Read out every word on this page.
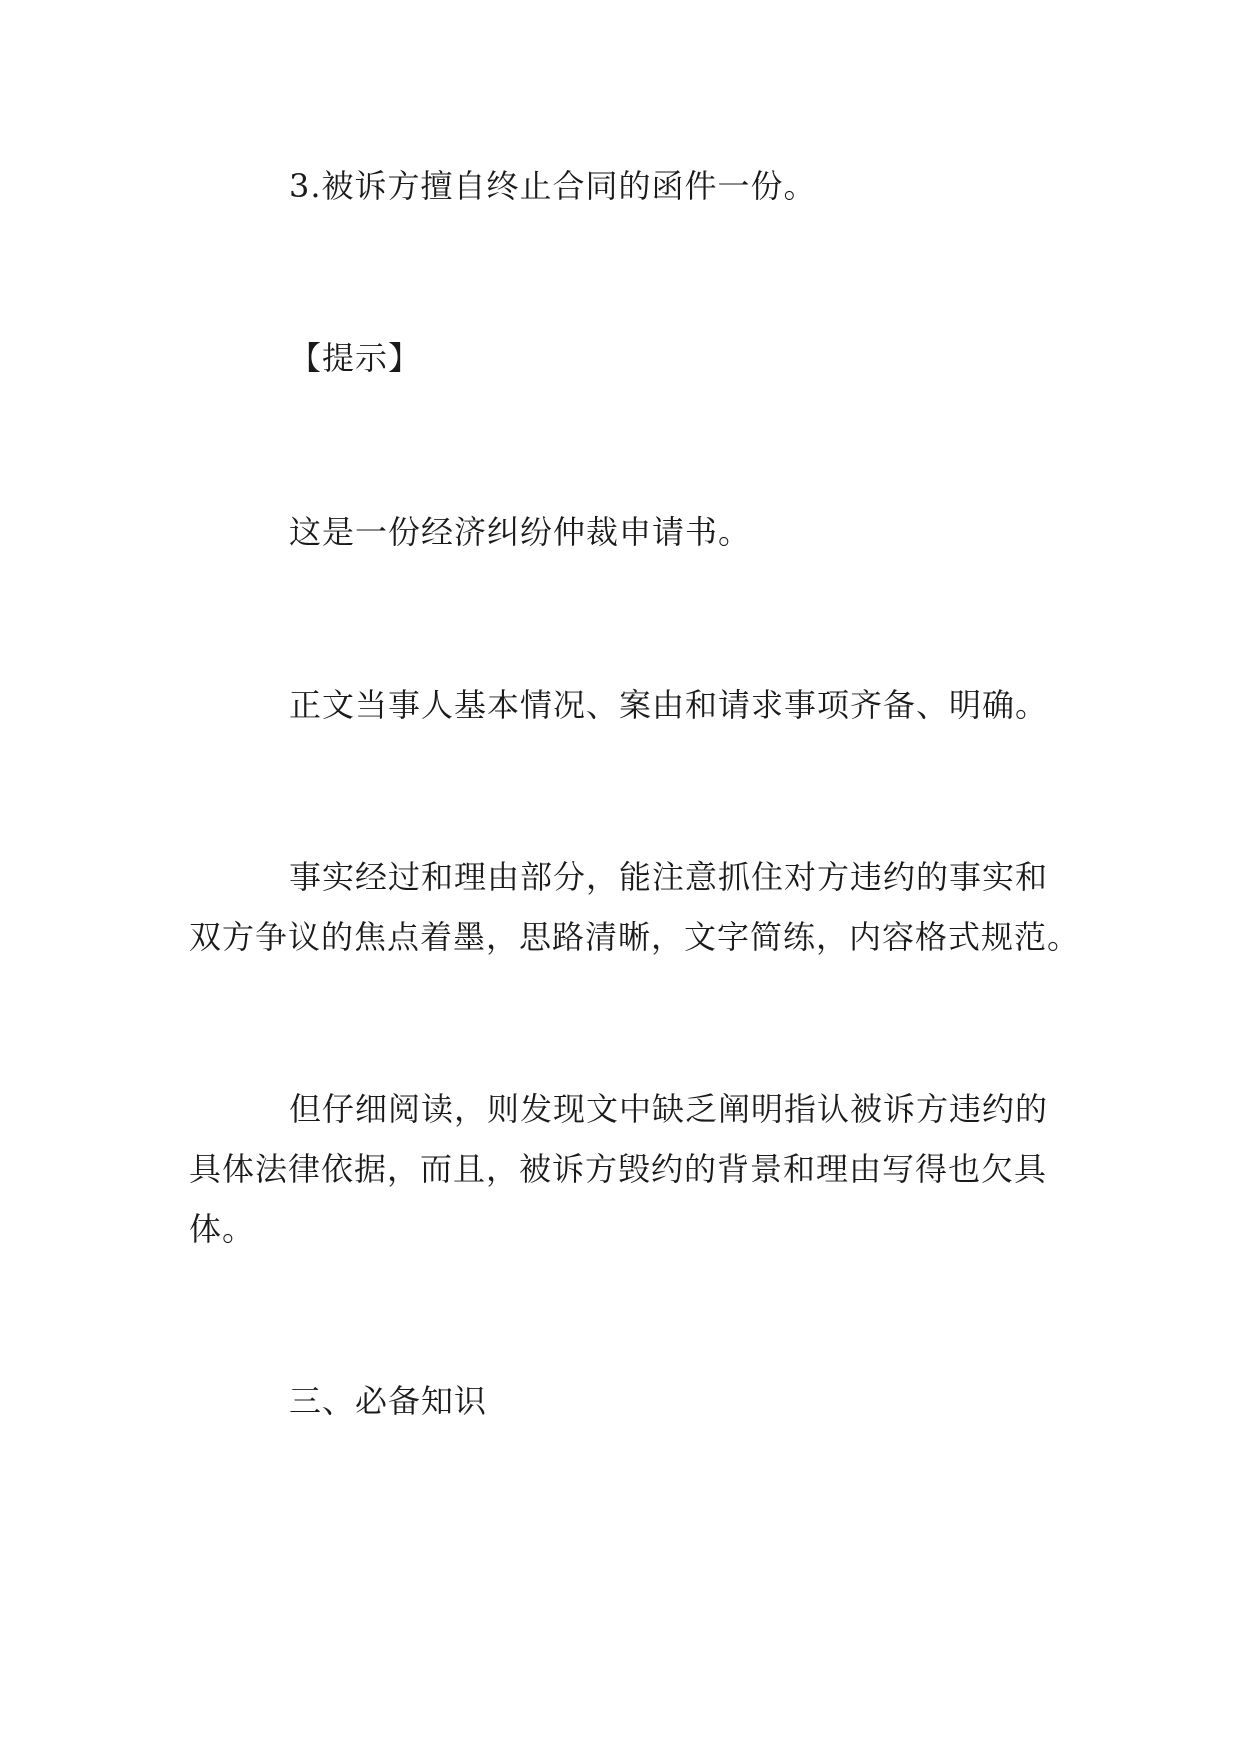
3.被诉方擅自终止合同的函件一份。

【提示】

这是一份经济纠纷仲裁申请书。

正文当事人基本情况、案由和请求事项齐备、明确。

事实经过和理由部分，能注意抓住对方违约的事实和

双方争议的焦点着墨，思路清晰，文字简练，内容格式规范。

但仔细阅读，则发现文中缺乏阐明指认被诉方违约的

具体法律依据，而且，被诉方毁约的背景和理由写得也欠具

体。

三、必备知识
